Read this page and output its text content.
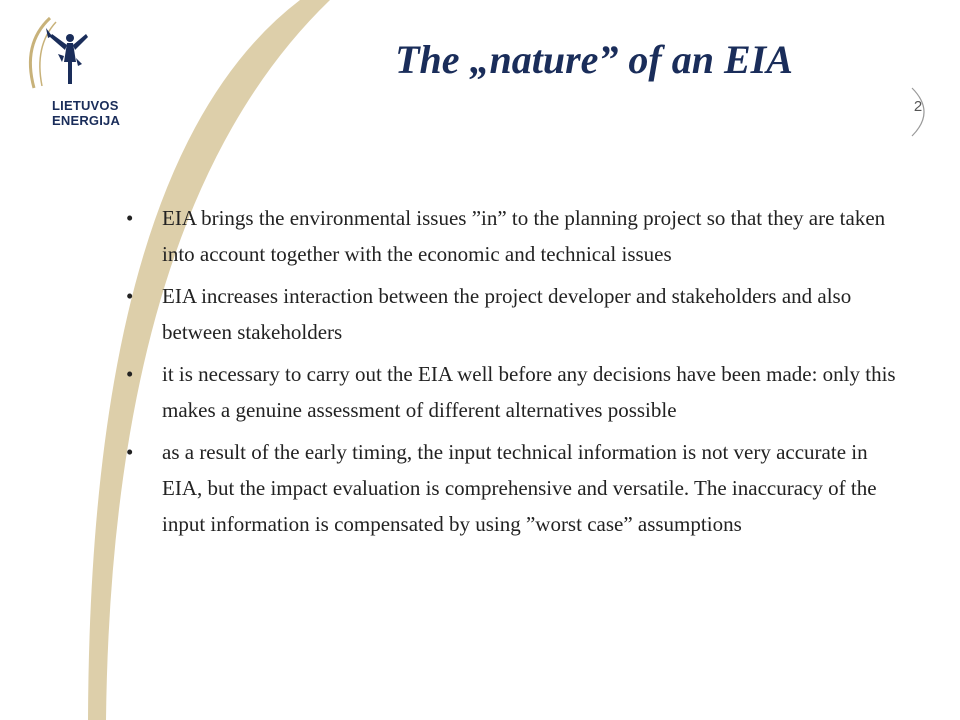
LIETUVOS
ENERGIJA
The „nature” of an EIA
2
•	EIA brings the environmental issues ”in” to the planning project so that they are taken into account together with the economic and technical issues
•	EIA increases interaction between the project developer and stakeholders and also between stakeholders
•	it is necessary to carry out the EIA well before any decisions have been made: only this makes a genuine assessment of different alternatives possible
•	as a result of the early timing, the input technical information is not very accurate in EIA, but the impact evaluation is comprehensive and versatile. The inaccuracy of the input information is compensated by using ”worst case” assumptions
